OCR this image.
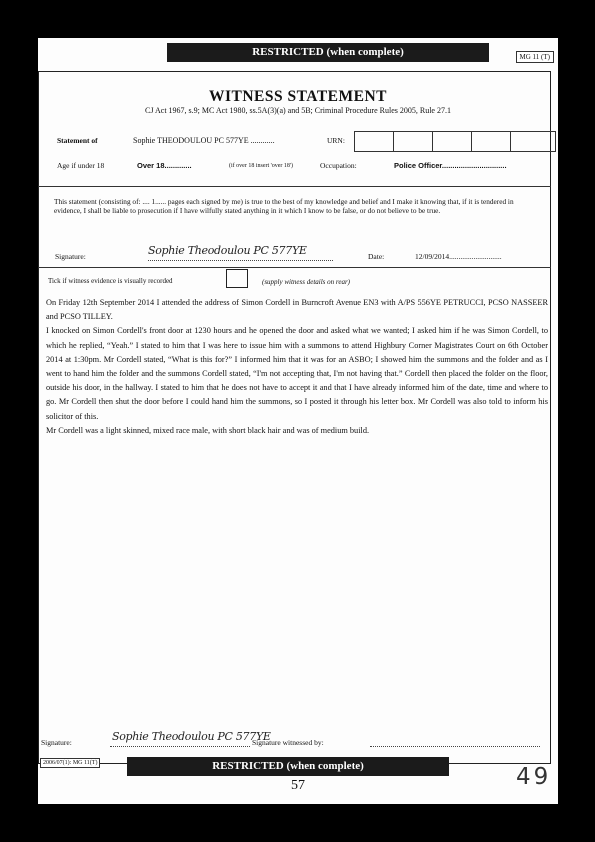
RESTRICTED (when complete)	MG 11 (T)
WITNESS STATEMENT
CJ Act 1967, s.9; MC Act 1980, ss.5A(3)(a) and 5B; Criminal Procedure Rules 2005, Rule 27.1
Statement of	Sophie THEODOULOU PC 577YE ............	URN:
Age if under 18	Over 18.............	(if over 18 insert 'over 18')	Occupation:	Police Officer...............................
This statement (consisting of: .... 1...... pages each signed by me) is true to the best of my knowledge and belief and I make it knowing that, if it is tendered in evidence, I shall be liable to prosecution if I have wilfully stated anything in it which I know to be false, or do not believe to be true.
Signature:	Sophie Theodoulou PC 577YE	Date:	12/09/2014............................
Tick if witness evidence is visually recorded	(supply witness details on rear)

On Friday 12th September 2014 I attended the address of Simon Cordell in Burncroft Avenue EN3 with A/PS 556YE PETRUCCI, PCSO NASSEER and PCSO TILLEY.

I knocked on Simon Cordell's front door at 1230 hours and he opened the door and asked what we wanted; I asked him if he was Simon Cordell, to which he replied, “Yeah.” I stated to him that I was here to issue him with a summons to attend Highbury Corner Magistrates Court on 6th October 2014 at 1:30pm. Mr Cordell stated, “What is this for?” I informed him that it was for an ASBO; I showed him the summons and the folder and as I went to hand him the folder and the summons Cordell stated, “I'm not accepting that, I'm not having that.” Cordell then placed the folder on the floor, outside his door, in the hallway. I stated to him that he does not have to accept it and that I have already informed him of the date, time and where to go. Mr Cordell then shut the door before I could hand him the summons, so I posted it through his letter box. Mr Cordell was also told to inform his solicitor of this.

Mr Cordell was a light skinned, mixed race male, with short black hair and was of medium build.

Signature:	Sophie Theodoulou PC 577YE
Signature witnessed by:
2006/07(1): MG 11(T)	RESTRICTED (when complete)
57	49
